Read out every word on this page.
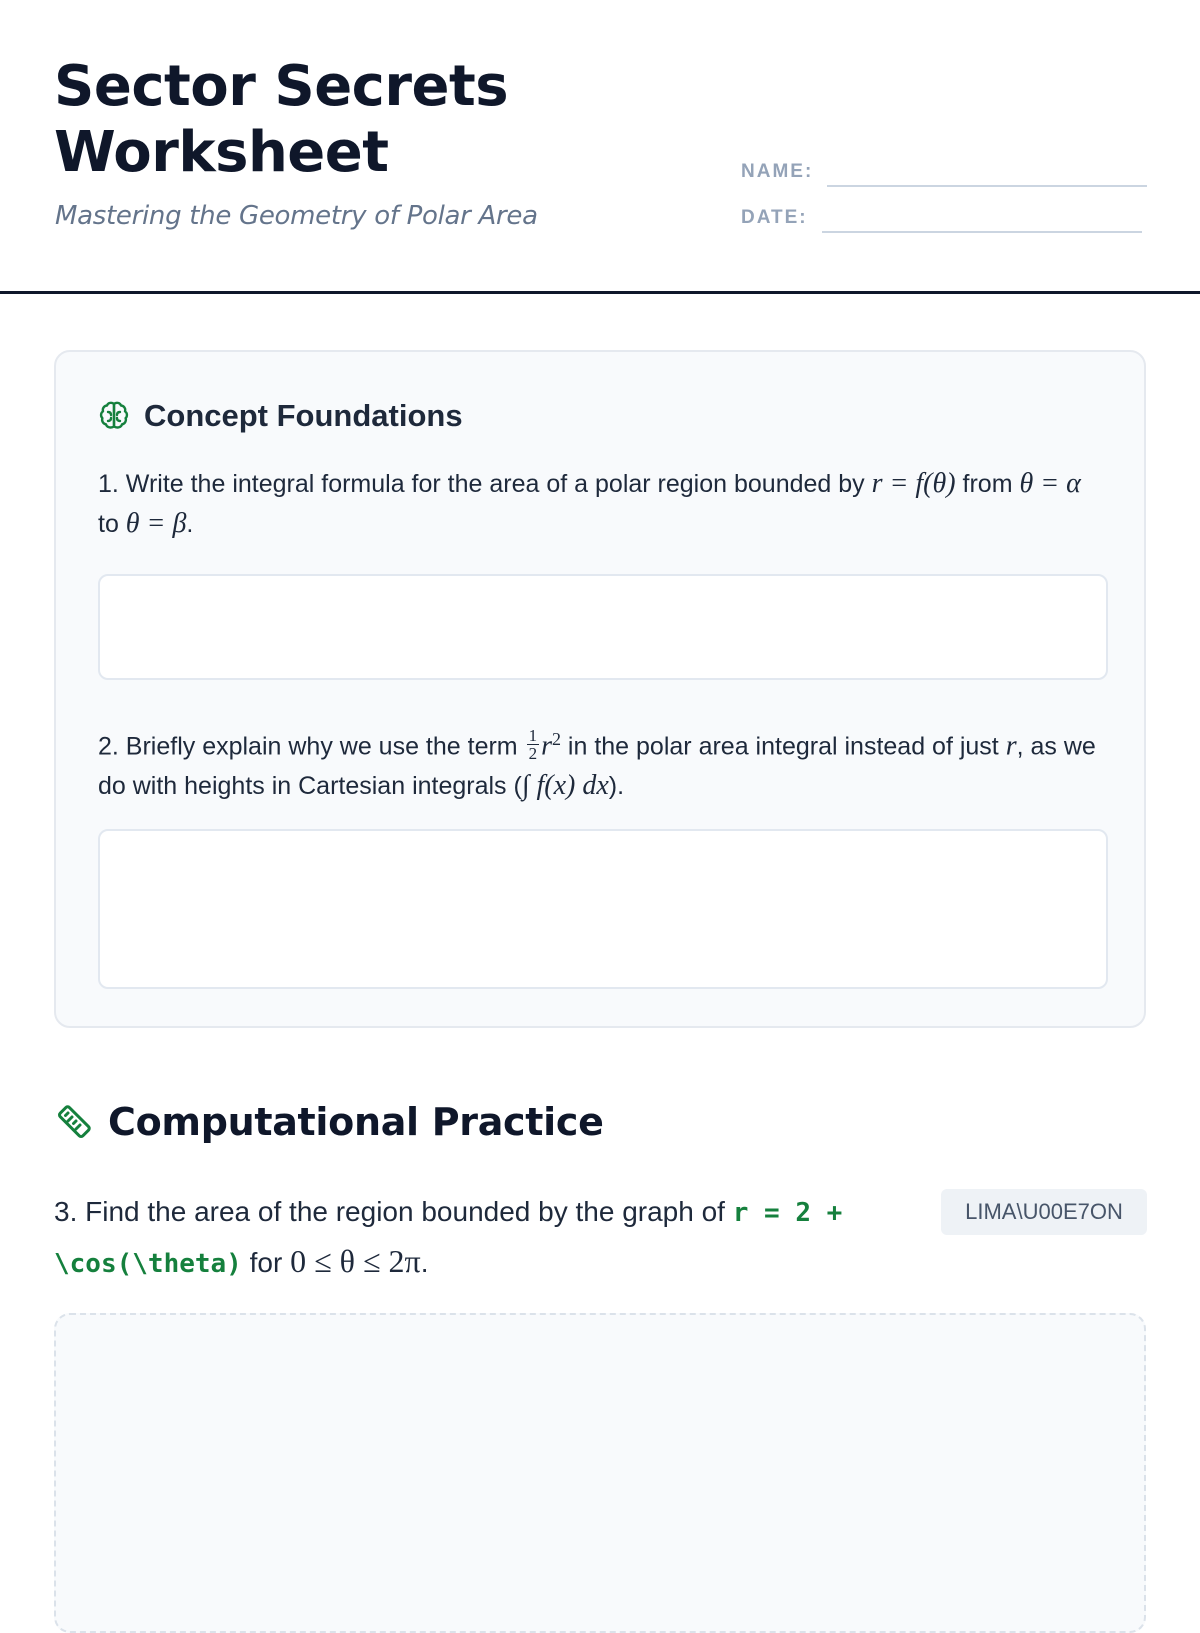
Sector Secrets Worksheet

Mastering the Geometry of Polar Area

NAME:
DATE:
Concept Foundations
1. Write the integral formula for the area of a polar region bounded by r = f(θ) from θ = α to θ = β.
2. Briefly explain why we use the term $\frac{1}{2} r^2$ in the polar area integral instead of just r, as we do with heights in Cartesian integrals (∫ f(x) dx).
Computational Practice
3. Find the area of the region bounded by the graph of r = 2 + \cos(\theta) for 0 ≤ θ ≤ 2π.
LIMA\U00E7ON
